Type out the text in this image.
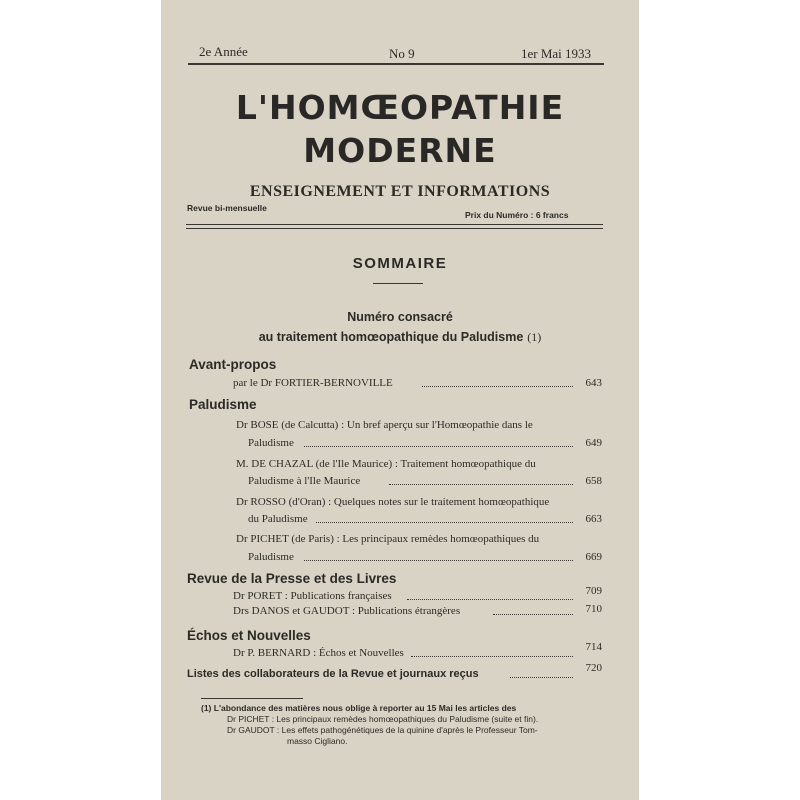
2e Année	No 9	1er Mai 1933
L'HOMŒOPATHIE
MODERNE
ENSEIGNEMENT ET INFORMATIONS
Revue bi-mensuelle
Prix du Numéro : 6 francs
SOMMAIRE
Numéro consacré
au traitement homœopathique du Paludisme (1)
Avant-propos
par le Dr FORTIER-BERNOVILLE	643
Paludisme
Dr BOSE (de Calcutta) : Un bref aperçu sur l'Homœopathie dans le
Paludisme	649
M. DE CHAZAL (de l'Ile Maurice) : Traitement homœopathique du
Paludisme à l'Ile Maurice	658
Dr ROSSO (d'Oran) : Quelques notes sur le traitement homœopathique
du Paludisme	663
Dr PICHET (de Paris) : Les principaux remèdes homœopathiques du
Paludisme	669
Revue de la Presse et des Livres
Dr PORET : Publications françaises	709
Drs DANOS et GAUDOT : Publications étrangères	710
Échos et Nouvelles
Dr P. BERNARD : Échos et Nouvelles	714
Listes des collaborateurs de la Revue et journaux reçus	720
(1) L'abondance des matières nous oblige à reporter au 15 Mai les articles des
Dr PICHET : Les principaux remèdes homœopathiques du Paludisme (suite et fin).
Dr GAUDOT : Les effets pathogénétiques de la quinine d'après le Professeur Tom-
masso Cigliano.
